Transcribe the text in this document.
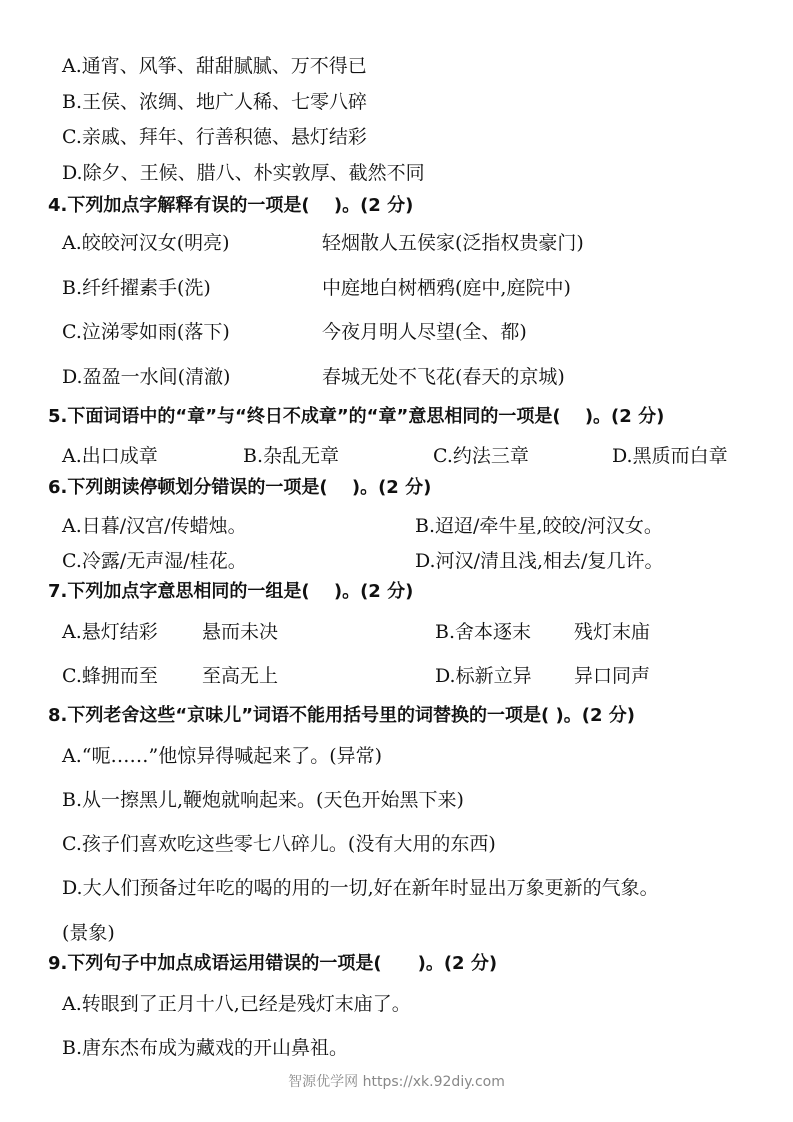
A.通宵、风筝、甜甜腻腻、万不得已
B.王侯、浓绸、地广人稀、七零八碎
C.亲戚、拜年、行善积德、悬灯结彩
D.除夕、王候、腊八、朴实敦厚、截然不同
4.下列加点字解释有误的一项是(　 )。(2 分)
A.皎皎河汉女(明亮)	轻烟散人五侯家(泛指权贵豪门)
B.纤纤擢素手(洗)	中庭地白树栖鸦(庭中,庭院中)
C.泣涕零如雨(落下)	今夜月明人尽望(全、都)
D.盈盈一水间(清澈)	春城无处不飞花(春天的京城)
5.下面词语中的“章”与“终日不成章”的“章”意思相同的一项是(　 )。(2 分)
A.出口成章	B.杂乱无章	C.约法三章	D.黑质而白章
6.下列朗读停顿划分错误的一项是(　 )。(2 分)
A.日暮/汉宫/传蜡烛。	B.迢迢/牵牛星,皎皎/河汉女。
C.冷露/无声湿/桂花。	D.河汉/清且浅,相去/复几许。
7.下列加点字意思相同的一组是(　 )。(2 分)
A.悬灯结彩 悬而未决	B.舍本逐末 残灯末庙
C.蜂拥而至 至高无上	D.标新立异 异口同声
8.下列老舍这些“京味儿”词语不能用括号里的词替换的一项是( )。(2 分)
A.“呃……”他惊异得喊起来了。(异常)
B.从一擦黑儿,鞭炮就响起来。(天色开始黑下来)
C.孩子们喜欢吃这些零七八碎儿。(没有大用的东西)
D.大人们预备过年吃的喝的用的一切,好在新年时显出万象更新的气象。
(景象)
9.下列句子中加点成语运用错误的一项是(　　)。(2 分)
A.转眼到了正月十八,已经是残灯末庙了。
B.唐东杰布成为藏戏的开山鼻祖。
智源优学网 https://xk.92diy.com
